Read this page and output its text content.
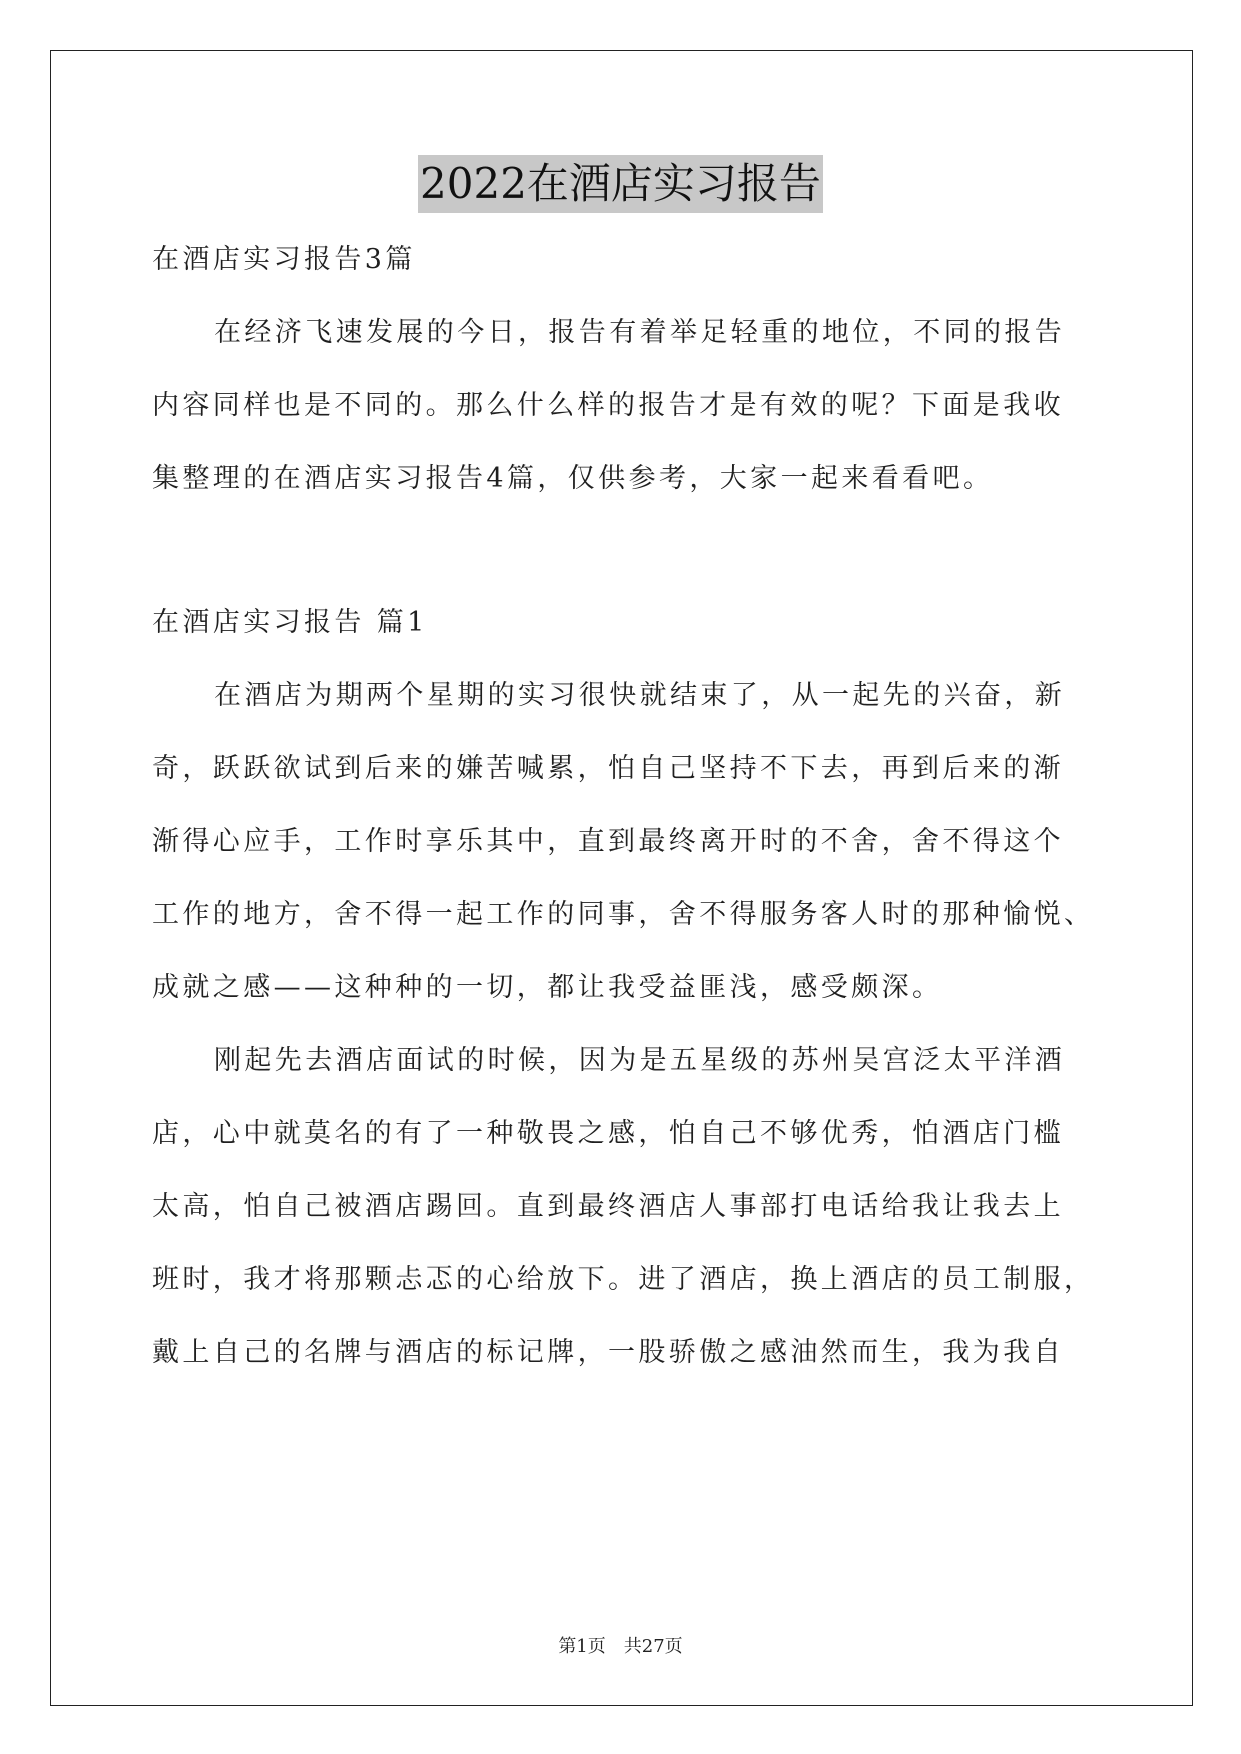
2022在酒店实习报告
在酒店实习报告3篇
在经济飞速发展的今日，报告有着举足轻重的地位，不同的报告
内容同样也是不同的。那么什么样的报告才是有效的呢？下面是我收
集整理的在酒店实习报告4篇，仅供参考，大家一起来看看吧。
在酒店实习报告 篇1
在酒店为期两个星期的实习很快就结束了，从一起先的兴奋，新
奇，跃跃欲试到后来的嫌苦喊累，怕自己坚持不下去，再到后来的渐
渐得心应手，工作时享乐其中，直到最终离开时的不舍，舍不得这个
工作的地方，舍不得一起工作的同事，舍不得服务客人时的那种愉悦、
成就之感——这种种的一切，都让我受益匪浅，感受颇深。
刚起先去酒店面试的时候，因为是五星级的苏州吴宫泛太平洋酒
店，心中就莫名的有了一种敬畏之感，怕自己不够优秀，怕酒店门槛
太高，怕自己被酒店踢回。直到最终酒店人事部打电话给我让我去上
班时，我才将那颗忐忑的心给放下。进了酒店，换上酒店的员工制服，
戴上自己的名牌与酒店的标记牌，一股骄傲之感油然而生，我为我自
第1页　共27页
